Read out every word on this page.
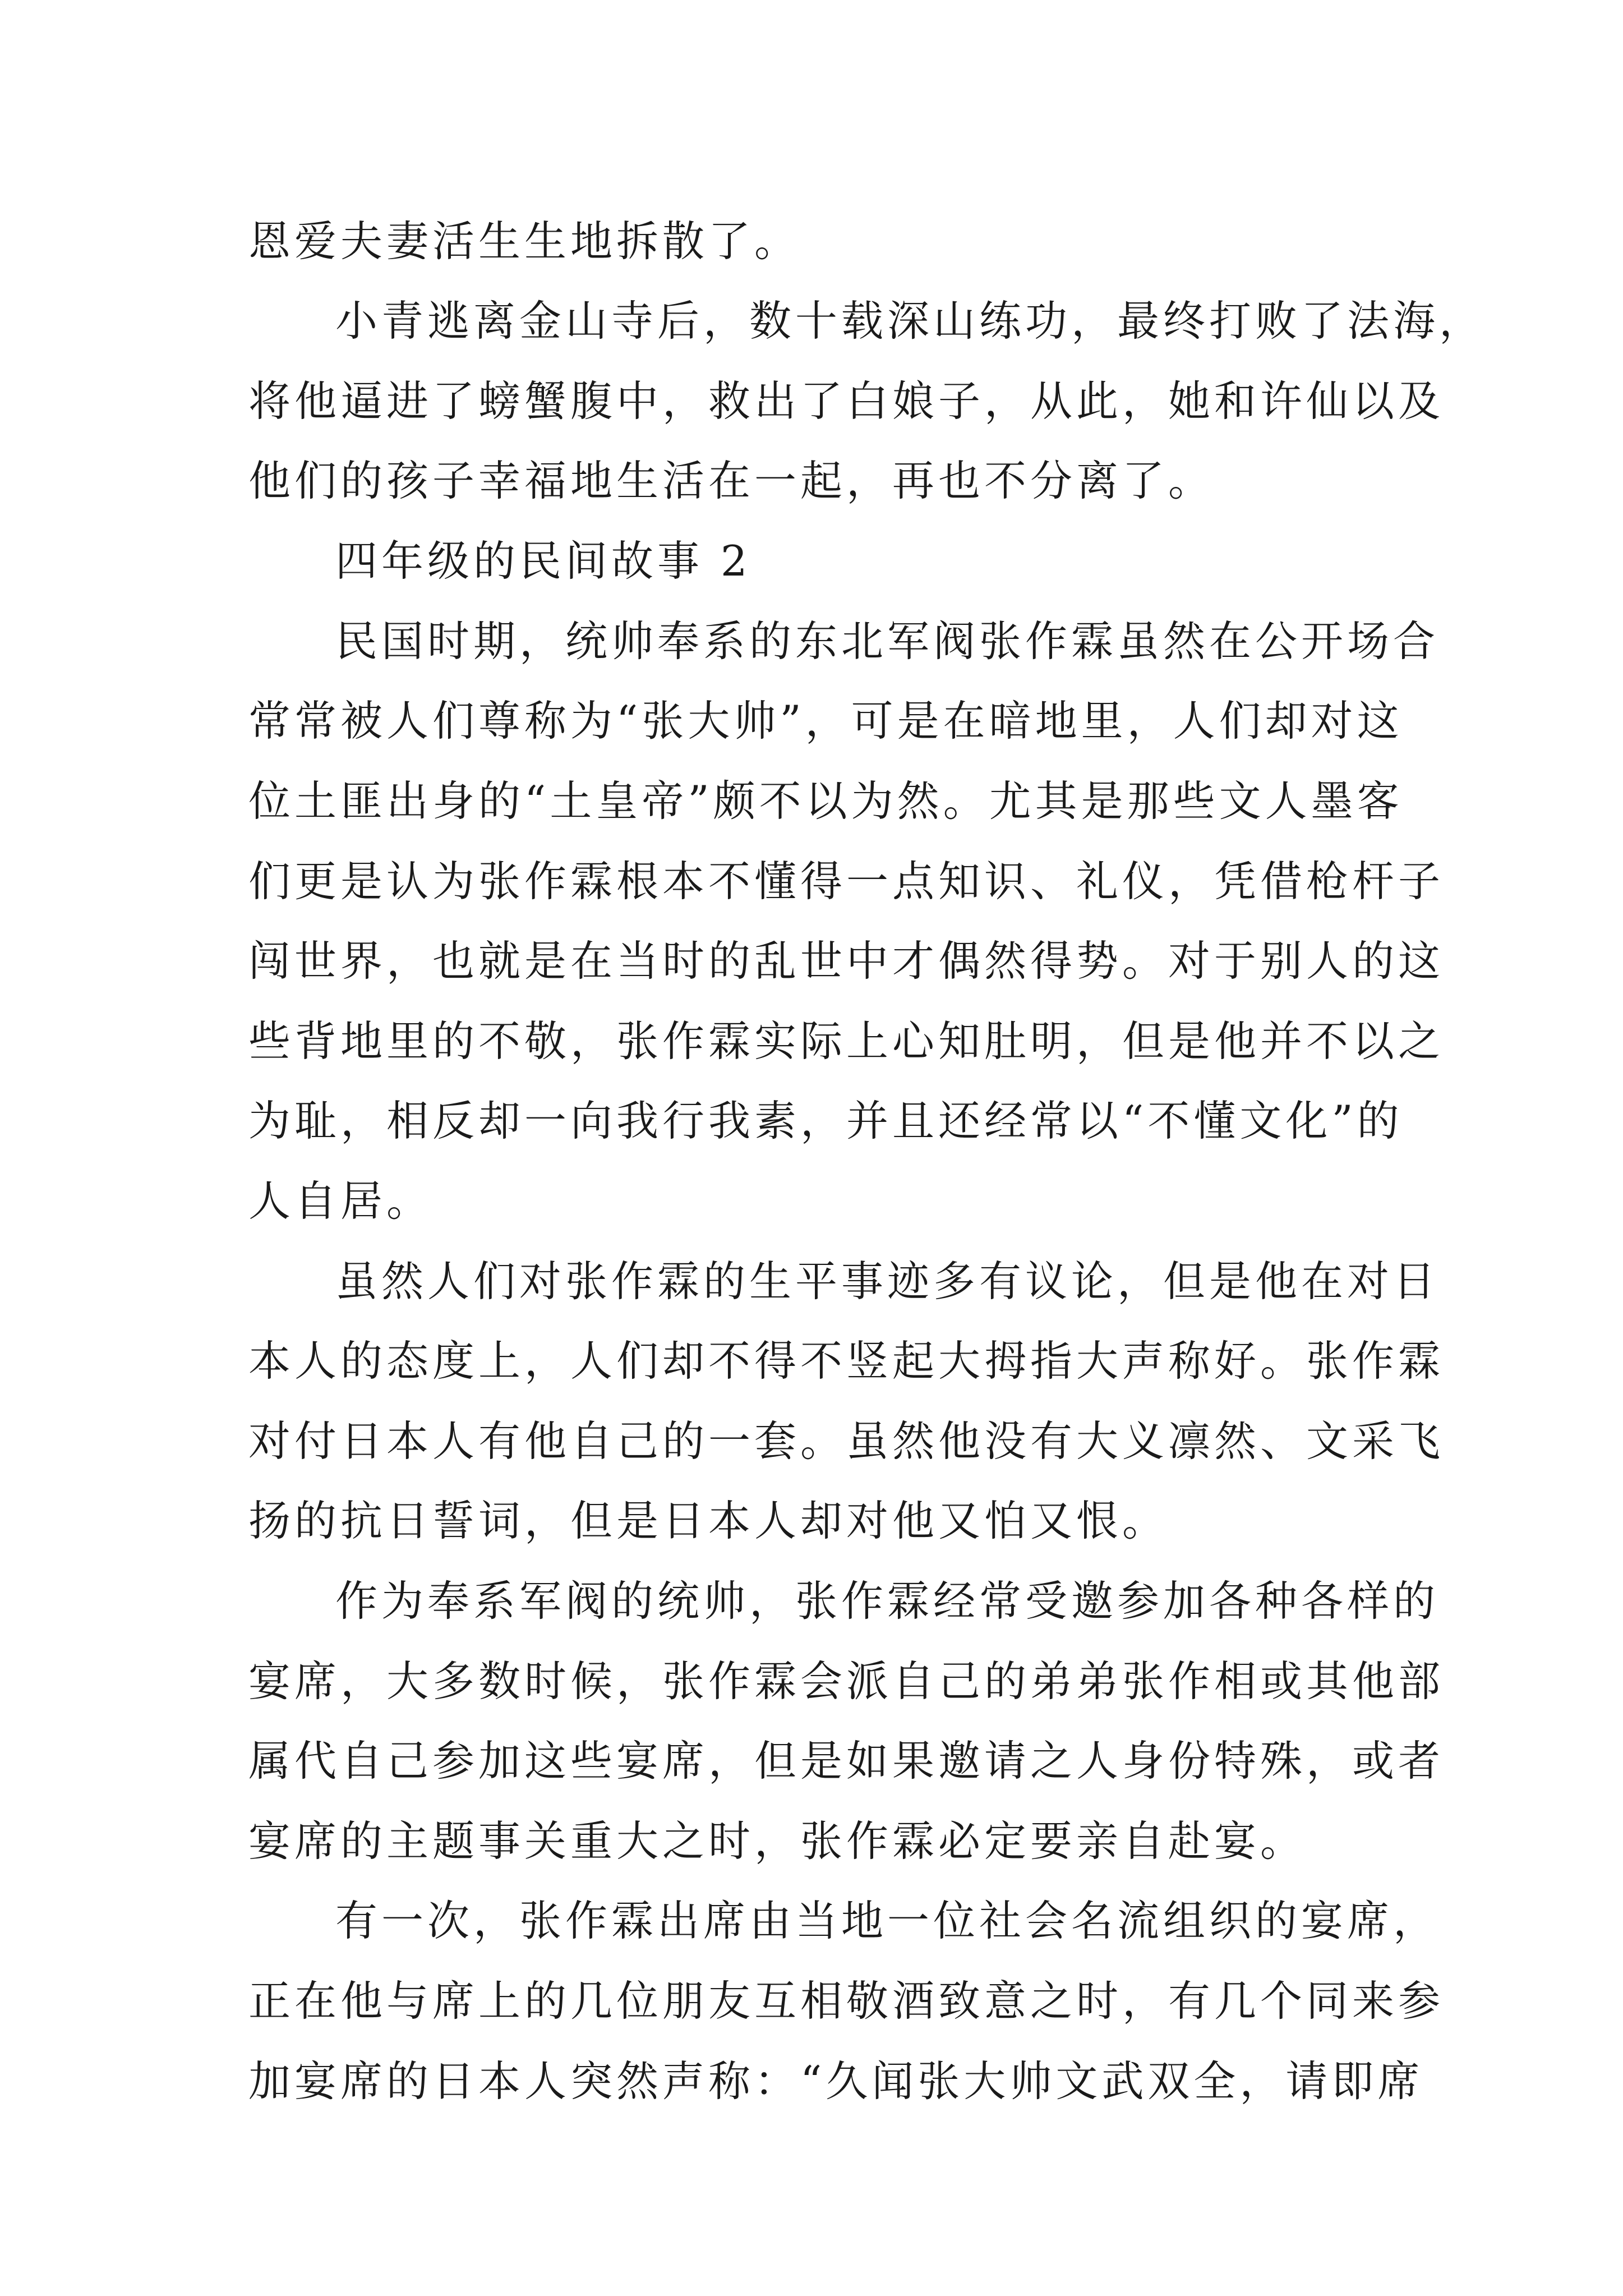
恩爱夫妻活生生地拆散了。
小青逃离金山寺后，数十载深山练功，最终打败了法海，
将他逼进了螃蟹腹中，救出了白娘子，从此，她和许仙以及
他们的孩子幸福地生活在一起，再也不分离了。
四年级的民间故事 2
民国时期，统帅奉系的东北军阀张作霖虽然在公开场合
常常被人们尊称为“张大帅”，可是在暗地里，人们却对这
位土匪出身的“土皇帝”颇不以为然。尤其是那些文人墨客
们更是认为张作霖根本不懂得一点知识、礼仪，凭借枪杆子
闯世界，也就是在当时的乱世中才偶然得势。对于别人的这
些背地里的不敬，张作霖实际上心知肚明，但是他并不以之
为耻，相反却一向我行我素，并且还经常以“不懂文化”的
人自居。
虽然人们对张作霖的生平事迹多有议论，但是他在对日
本人的态度上，人们却不得不竖起大拇指大声称好。张作霖
对付日本人有他自己的一套。虽然他没有大义凛然、文采飞
扬的抗日誓词，但是日本人却对他又怕又恨。
作为奉系军阀的统帅，张作霖经常受邀参加各种各样的
宴席，大多数时候，张作霖会派自己的弟弟张作相或其他部
属代自己参加这些宴席，但是如果邀请之人身份特殊，或者
宴席的主题事关重大之时，张作霖必定要亲自赴宴。
有一次，张作霖出席由当地一位社会名流组织的宴席，
正在他与席上的几位朋友互相敬酒致意之时，有几个同来参
加宴席的日本人突然声称：“久闻张大帅文武双全，请即席
